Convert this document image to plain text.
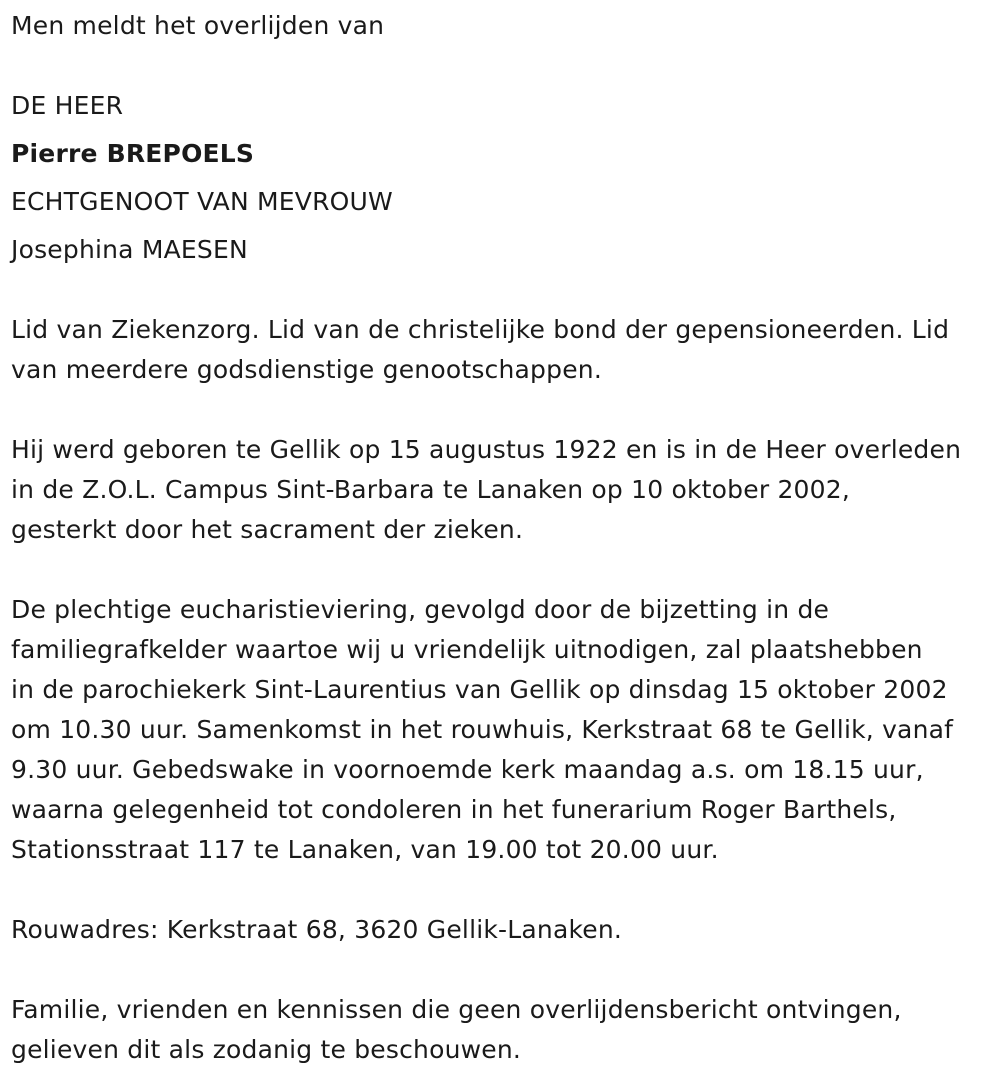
Men meldt het overlijden van
DE HEER
Pierre BREPOELS
ECHTGENOOT VAN MEVROUW
Josephina MAESEN
Lid van Ziekenzorg. Lid van de christelijke bond der gepensioneerden. Lid
van meerdere godsdienstige genootschappen.
Hij werd geboren te Gellik op 15 augustus 1922 en is in de Heer overleden
in de Z.O.L. Campus Sint-Barbara te Lanaken op 10 oktober 2002,
gesterkt door het sacrament der zieken.
De plechtige eucharistieviering, gevolgd door de bijzetting in de
familiegrafkelder waartoe wij u vriendelijk uitnodigen, zal plaatshebben
in de parochiekerk Sint-Laurentius van Gellik op dinsdag 15 oktober 2002
om 10.30 uur. Samenkomst in het rouwhuis, Kerkstraat 68 te Gellik, vanaf
9.30 uur. Gebedswake in voornoemde kerk maandag a.s. om 18.15 uur,
waarna gelegenheid tot condoleren in het funerarium Roger Barthels,
Stationsstraat 117 te Lanaken, van 19.00 tot 20.00 uur.
Rouwadres: Kerkstraat 68, 3620 Gellik-Lanaken.
Familie, vrienden en kennissen die geen overlijdensbericht ontvingen,
gelieven dit als zodanig te beschouwen.
